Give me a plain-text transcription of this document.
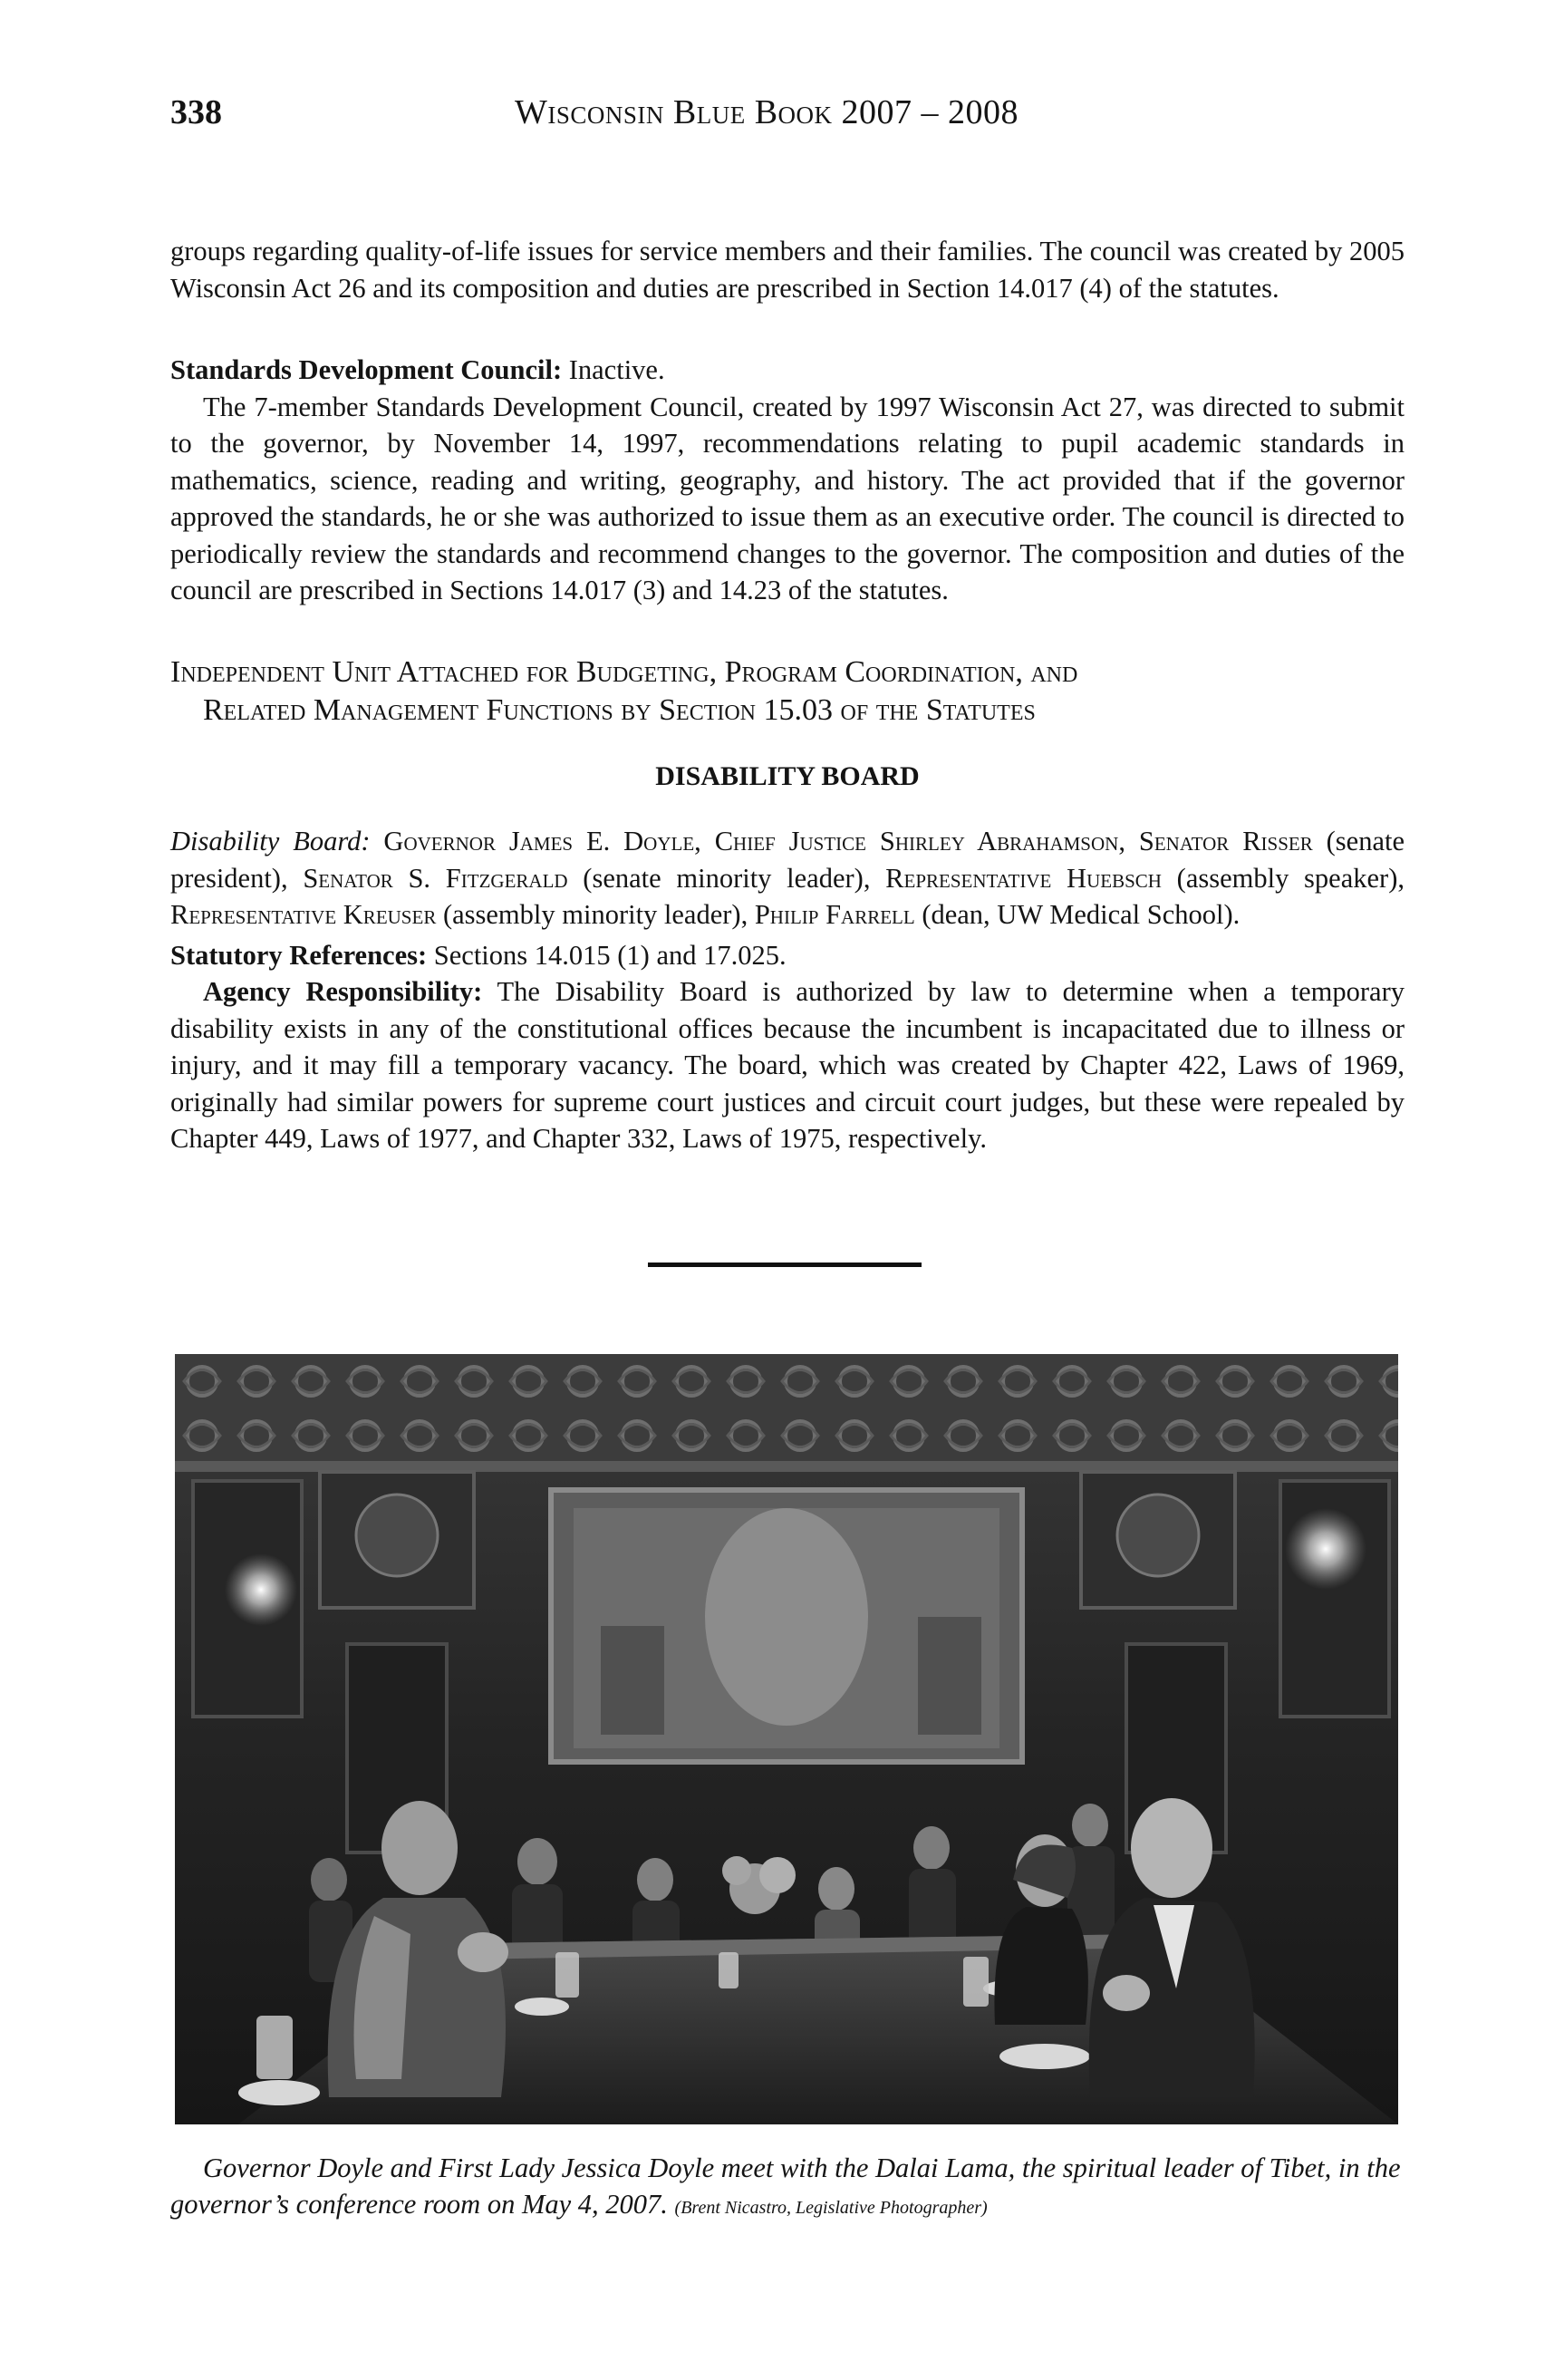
338	Wisconsin Blue Book 2007 – 2008

groups regarding quality-of-life issues for service members and their families. The council was created by 2005 Wisconsin Act 26 and its composition and duties are prescribed in Section 14.017 (4) of the statutes.

Standards Development Council: Inactive.

The 7-member Standards Development Council, created by 1997 Wisconsin Act 27, was directed to submit to the governor, by November 14, 1997, recommendations relating to pupil academic standards in mathematics, science, reading and writing, geography, and history. The act provided that if the governor approved the standards, he or she was authorized to issue them as an executive order. The council is directed to periodically review the standards and recommend changes to the governor. The composition and duties of the council are prescribed in Sections 14.017 (3) and 14.23 of the statutes.

Independent Unit Attached for Budgeting, Program Coordination, and
Related Management Functions by Section 15.03 of the Statutes
DISABILITY BOARD

Disability Board: Governor James E. Doyle, Chief Justice Shirley Abrahamson, Senator Risser (senate president), Senator S. Fitzgerald (senate minority leader), Representative Huebsch (assembly speaker), Representative Kreuser (assembly minority leader), Philip Farrell (dean, UW Medical School).

Statutory References: Sections 14.015 (1) and 17.025.

Agency Responsibility: The Disability Board is authorized by law to determine when a temporary disability exists in any of the constitutional offices because the incumbent is incapacitated due to illness or injury, and it may fill a temporary vacancy. The board, which was created by Chapter 422, Laws of 1969, originally had similar powers for supreme court justices and circuit court judges, but these were repealed by Chapter 449, Laws of 1977, and Chapter 332, Laws of 1975, respectively.

Governor Doyle and First Lady Jessica Doyle meet with the Dalai Lama, the spiritual leader of Tibet, in the governor’s conference room on May 4, 2007. (Brent Nicastro, Legislative Photographer)
